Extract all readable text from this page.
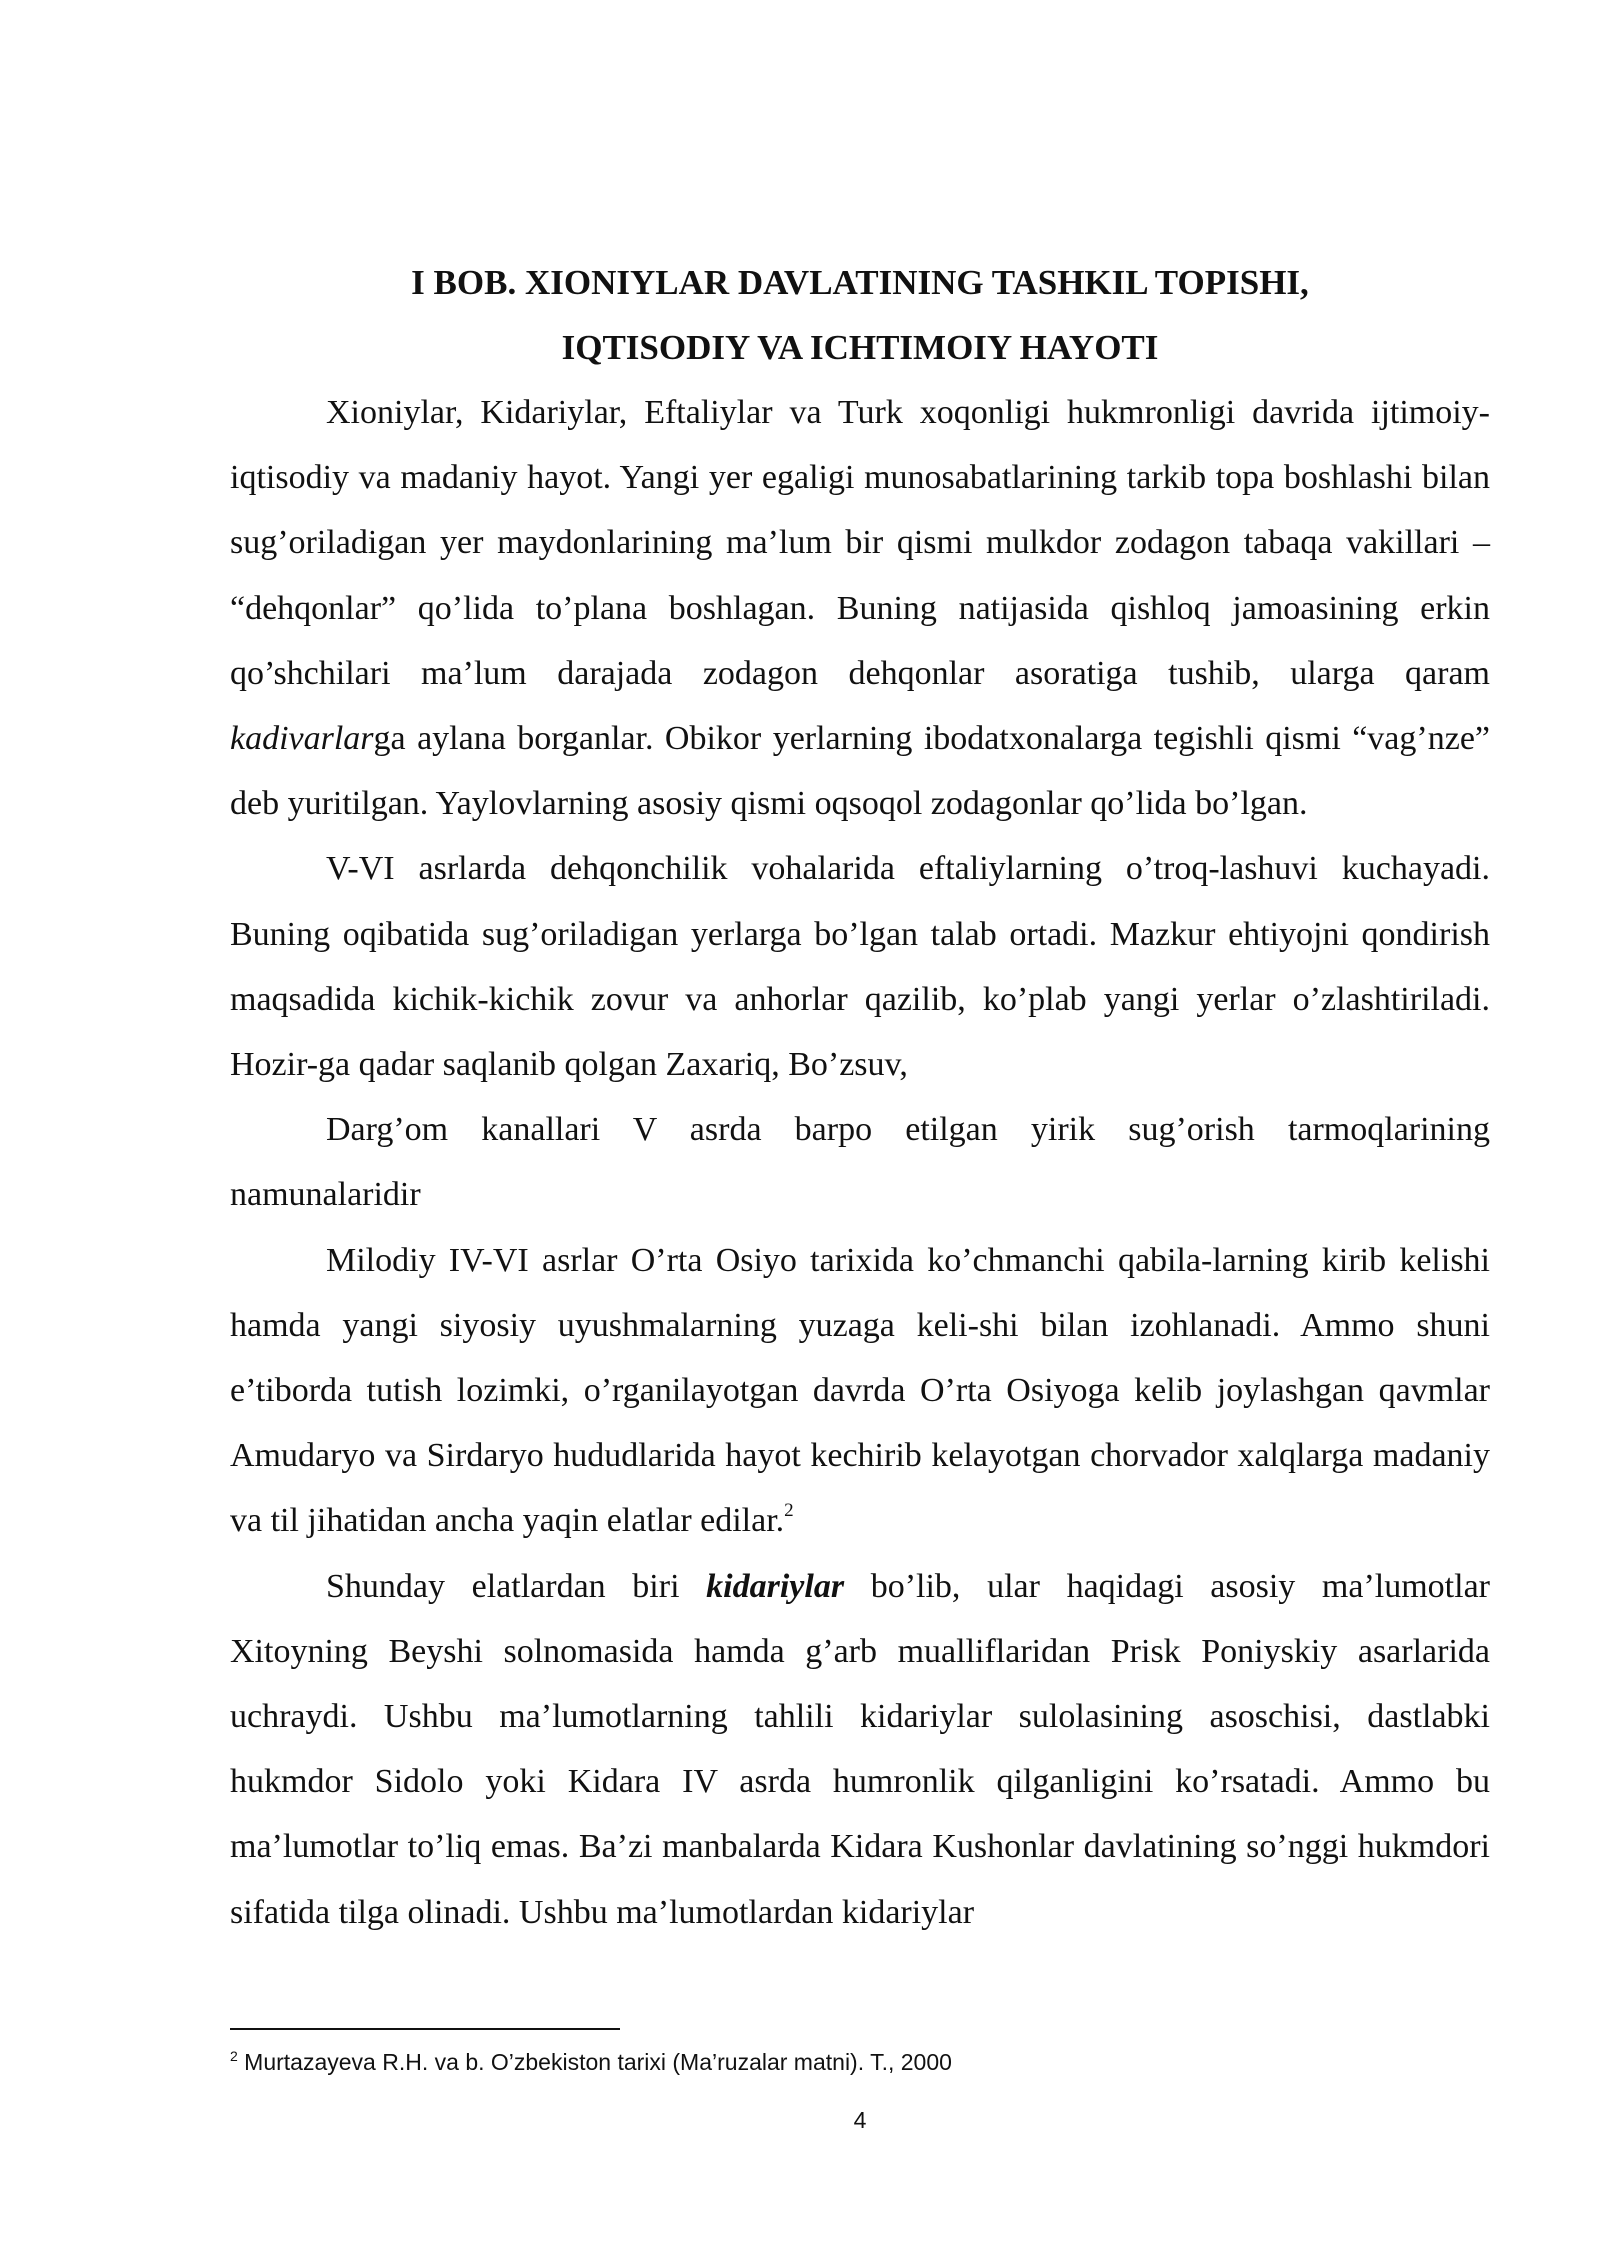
I BOB. XIONIYLAR DAVLATINING TASHKIL TOPISHI,
IQTISODIY VA ICHTIMOIY HAYOTI

Xioniylar, Kidariylar, Eftaliylar va Turk xoqonligi hukmronligi davrida ijtimoiy- iqtisodiy va madaniy hayot. Yangi yer egaligi munosabatlarining tarkib topa boshlashi bilan sug’oriladigan yer maydonlarining ma’lum bir qismi mulkdor zodagon tabaqa vakillari – “dehqonlar” qo’lida to’plana boshlagan. Buning natijasida qishloq jamoasining erkin qo’shchilari ma’lum darajada zodagon dehqonlar asoratiga tushib, ularga qaram kadivarlarga aylana borganlar. Obikor yerlarning ibodatxonalarga tegishli qismi “vag’nze” deb yuritilgan. Yaylovlarning asosiy qismi oqsoqol zodagonlar qo’lida bo’lgan.

V-VI asrlarda dehqonchilik vohalarida eftaliylarning o’troq-lashuvi kuchayadi. Buning oqibatida sug’oriladigan yerlarga bo’lgan talab ortadi. Mazkur ehtiyojni qondirish maqsadida kichik-kichik zovur va anhorlar qazilib, ko’plab yangi yerlar o’zlashtiriladi. Hozir-ga qadar saqlanib qolgan Zaxariq, Bo’zsuv,

Darg’om kanallari V asrda barpo etilgan yirik sug’orish tarmoqlarining namunalaridir

Milodiy IV-VI asrlar O’rta Osiyo tarixida ko’chmanchi qabila-larning kirib kelishi hamda yangi siyosiy uyushmalarning yuzaga keli-shi bilan izohlanadi. Ammo shuni e’tiborda tutish lozimki, o’rganilayotgan davrda O’rta Osiyoga kelib joylashgan qavmlar Amudaryo va Sirdaryo hududlarida hayot kechirib kelayotgan chorvador xalqlarga madaniy va til jihatidan ancha yaqin elatlar edilar.$^2$

Shunday elatlardan biri kidariylar bo’lib, ular haqidagi asosiy ma’lumotlar Xitoyning Beyshi solnomasida hamda g’arb mualliflaridan Prisk Poniyskiy asarlarida uchraydi. Ushbu ma’lumotlarning tahlili kidariylar sulolasining asoschisi, dastlabki hukmdor Sidolo yoki Kidara IV asrda humronlik qilganligini ko’rsatadi. Ammo bu ma’lumotlar to’liq emas. Ba’zi manbalarda Kidara Kushonlar davlatining so’nggi hukmdori sifatida tilga olinadi. Ushbu ma’lumotlardan kidariylar

$^2$ Murtazayeva R.H. va b. O’zbekiston tarixi (Ma’ruzalar matni). T., 2000
4
